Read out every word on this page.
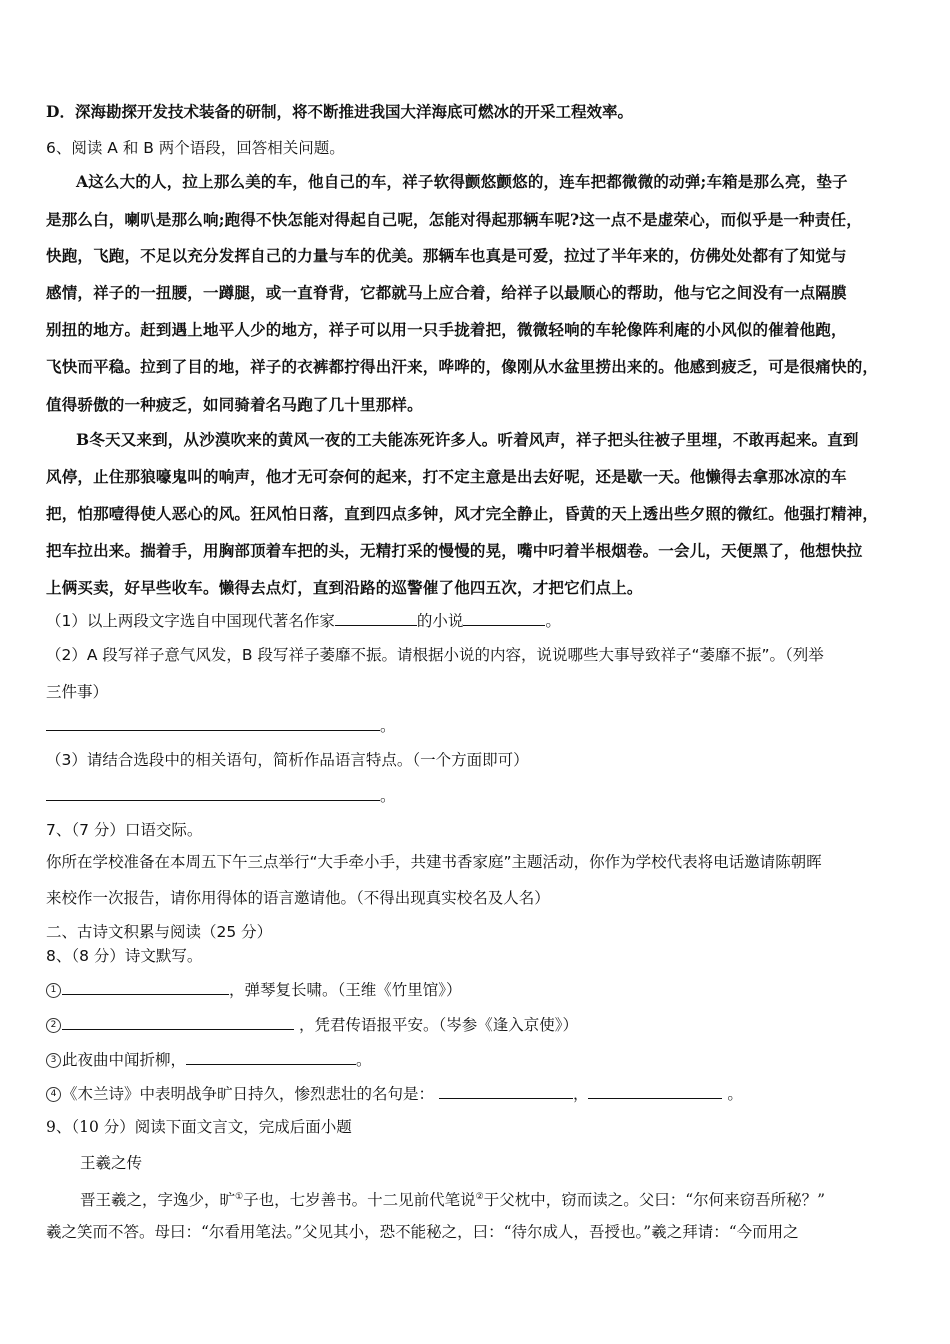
D．深海勘探开发技术装备的研制，将不断推进我国大洋海底可燃冰的开采工程效率。
6、阅读 A 和 B 两个语段，回答相关问题。
A这么大的人，拉上那么美的车，他自己的车，祥子软得颤悠颤悠的，连车把都微微的动弹;车箱是那么亮，垫子
是那么白，喇叭是那么响;跑得不快怎能对得起自己呢，怎能对得起那辆车呢?这一点不是虚荣心，而似乎是一种责任，
快跑，飞跑，不足以充分发挥自己的力量与车的优美。那辆车也真是可爱，拉过了半年来的，仿佛处处都有了知觉与
感情，祥子的一扭腰，一蹲腿，或一直脊背，它都就马上应合着，给祥子以最顺心的帮助，他与它之间没有一点隔膜
别扭的地方。赶到遇上地平人少的地方，祥子可以用一只手拢着把，微微轻响的车轮像阵利庵的小风似的催着他跑，
飞快而平稳。拉到了目的地，祥子的衣裤都拧得出汗来，哗哗的，像刚从水盆里捞出来的。他感到疲乏，可是很痛快的，
值得骄傲的一种疲乏，如同骑着名马跑了几十里那样。
B冬天又来到，从沙漠吹来的黄风一夜的工夫能冻死许多人。听着风声，祥子把头往被子里埋，不敢再起来。直到
风停，止住那狼嚎鬼叫的响声，他才无可奈何的起来，打不定主意是出去好呢，还是歇一天。他懒得去拿那冰凉的车
把，怕那噎得使人恶心的风。狂风怕日落，直到四点多钟，风才完全静止，昏黄的天上透出些夕照的微红。他强打精神，
把车拉出来。揣着手，用胸部顶着车把的头，无精打采的慢慢的晃，嘴中叼着半根烟卷。一会儿，天便黑了，他想快拉
上俩买卖，好早些收车。懒得去点灯，直到沿路的巡警催了他四五次，才把它们点上。
（1）以上两段文字选自中国现代著名作家	的小说	。
（2）A 段写祥子意气风发，B 段写祥子萎靡不振。请根据小说的内容，说说哪些大事导致祥子“萎靡不振”。（列举
三件事）
。
（3）请结合选段中的相关语句，简析作品语言特点。（一个方面即可）
。
7、（7 分）口语交际。
你所在学校准备在本周五下午三点举行“大手牵小手，共建书香家庭”主题活动，你作为学校代表将电话邀请陈朝晖
来校作一次报告，请你用得体的语言邀请他。（不得出现真实校名及人名）
二、古诗文积累与阅读（25 分）
8、（8 分）诗文默写。
1	，弹琴复长啸。（王维《竹里馆》）
2	，凭君传语报平安。（岑参《逢入京使》）
3 此夜曲中闻折柳，	。
4 《木兰诗》中表明战争旷日持久，惨烈悲壮的名句是：	，	。
9、（10 分）阅读下面文言文，完成后面小题
王羲之传
晋王羲之，字逸少，旷①子也，七岁善书。十二见前代笔说②于父枕中，窃而读之。父曰：“尔何来窃吾所秘？”
羲之笑而不答。母曰：“尔看用笔法。”父见其小，恐不能秘之，曰：“待尔成人，吾授也。”羲之拜请：“今而用之
